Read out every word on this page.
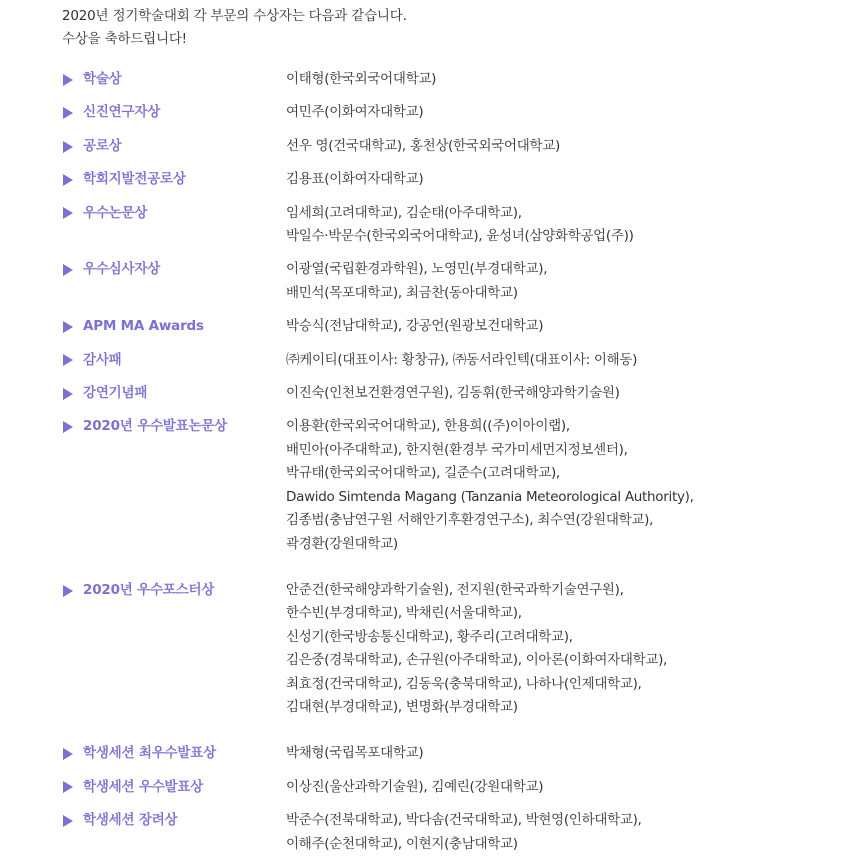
2020년 정기학술대회 각 부문의 수상자는 다음과 같습니다.
수상을 축하드립니다!
학술상	이태형(한국외국어대학교)
신진연구자상	여민주(이화여자대학교)
공로상	선우 영(건국대학교), 홍천상(한국외국어대학교)
학회지발전공로상	김용표(이화여자대학교)
우수논문상	임세희(고려대학교), 김순태(아주대학교),
박일수·박문수(한국외국어대학교), 윤성녀(삼양화학공업(주))
우수심사자상	이광열(국립환경과학원), 노영민(부경대학교),
배민석(목포대학교), 최금찬(동아대학교)
APM MA Awards	박승식(전남대학교), 강공언(원광보건대학교)
감사패	㈜케이티(대표이사: 황창규), ㈜동서라인텍(대표이사: 이해동)
강연기념패	이진숙(인천보건환경연구원), 김동휘(한국해양과학기술원)
2020년 우수발표논문상	이용환(한국외국어대학교), 한용희((주)이아이랩),
배민아(아주대학교), 한지현(환경부 국가미세먼지정보센터),
박규태(한국외국어대학교), 길준수(고려대학교),
Dawido Simtenda Magang (Tanzania Meteorological Authority),
김종범(충남연구원 서해안기후환경연구소), 최수연(강원대학교),
곽경환(강원대학교)
2020년 우수포스터상	안준건(한국해양과학기술원), 전지원(한국과학기술연구원),
한수빈(부경대학교), 박채린(서울대학교),
신성기(한국방송통신대학교), 황주리(고려대학교),
김은중(경북대학교), 손규원(아주대학교), 이아론(이화여자대학교),
최효정(건국대학교), 김동욱(충북대학교), 나하나(인제대학교),
김대현(부경대학교), 변명화(부경대학교)
학생세션 최우수발표상	박채형(국립목포대학교)
학생세션 우수발표상	이상진(울산과학기술원), 김예린(강원대학교)
학생세션 장려상	박준수(전북대학교), 박다솜(건국대학교), 박현영(인하대학교),
이해주(순천대학교), 이현지(충남대학교)
